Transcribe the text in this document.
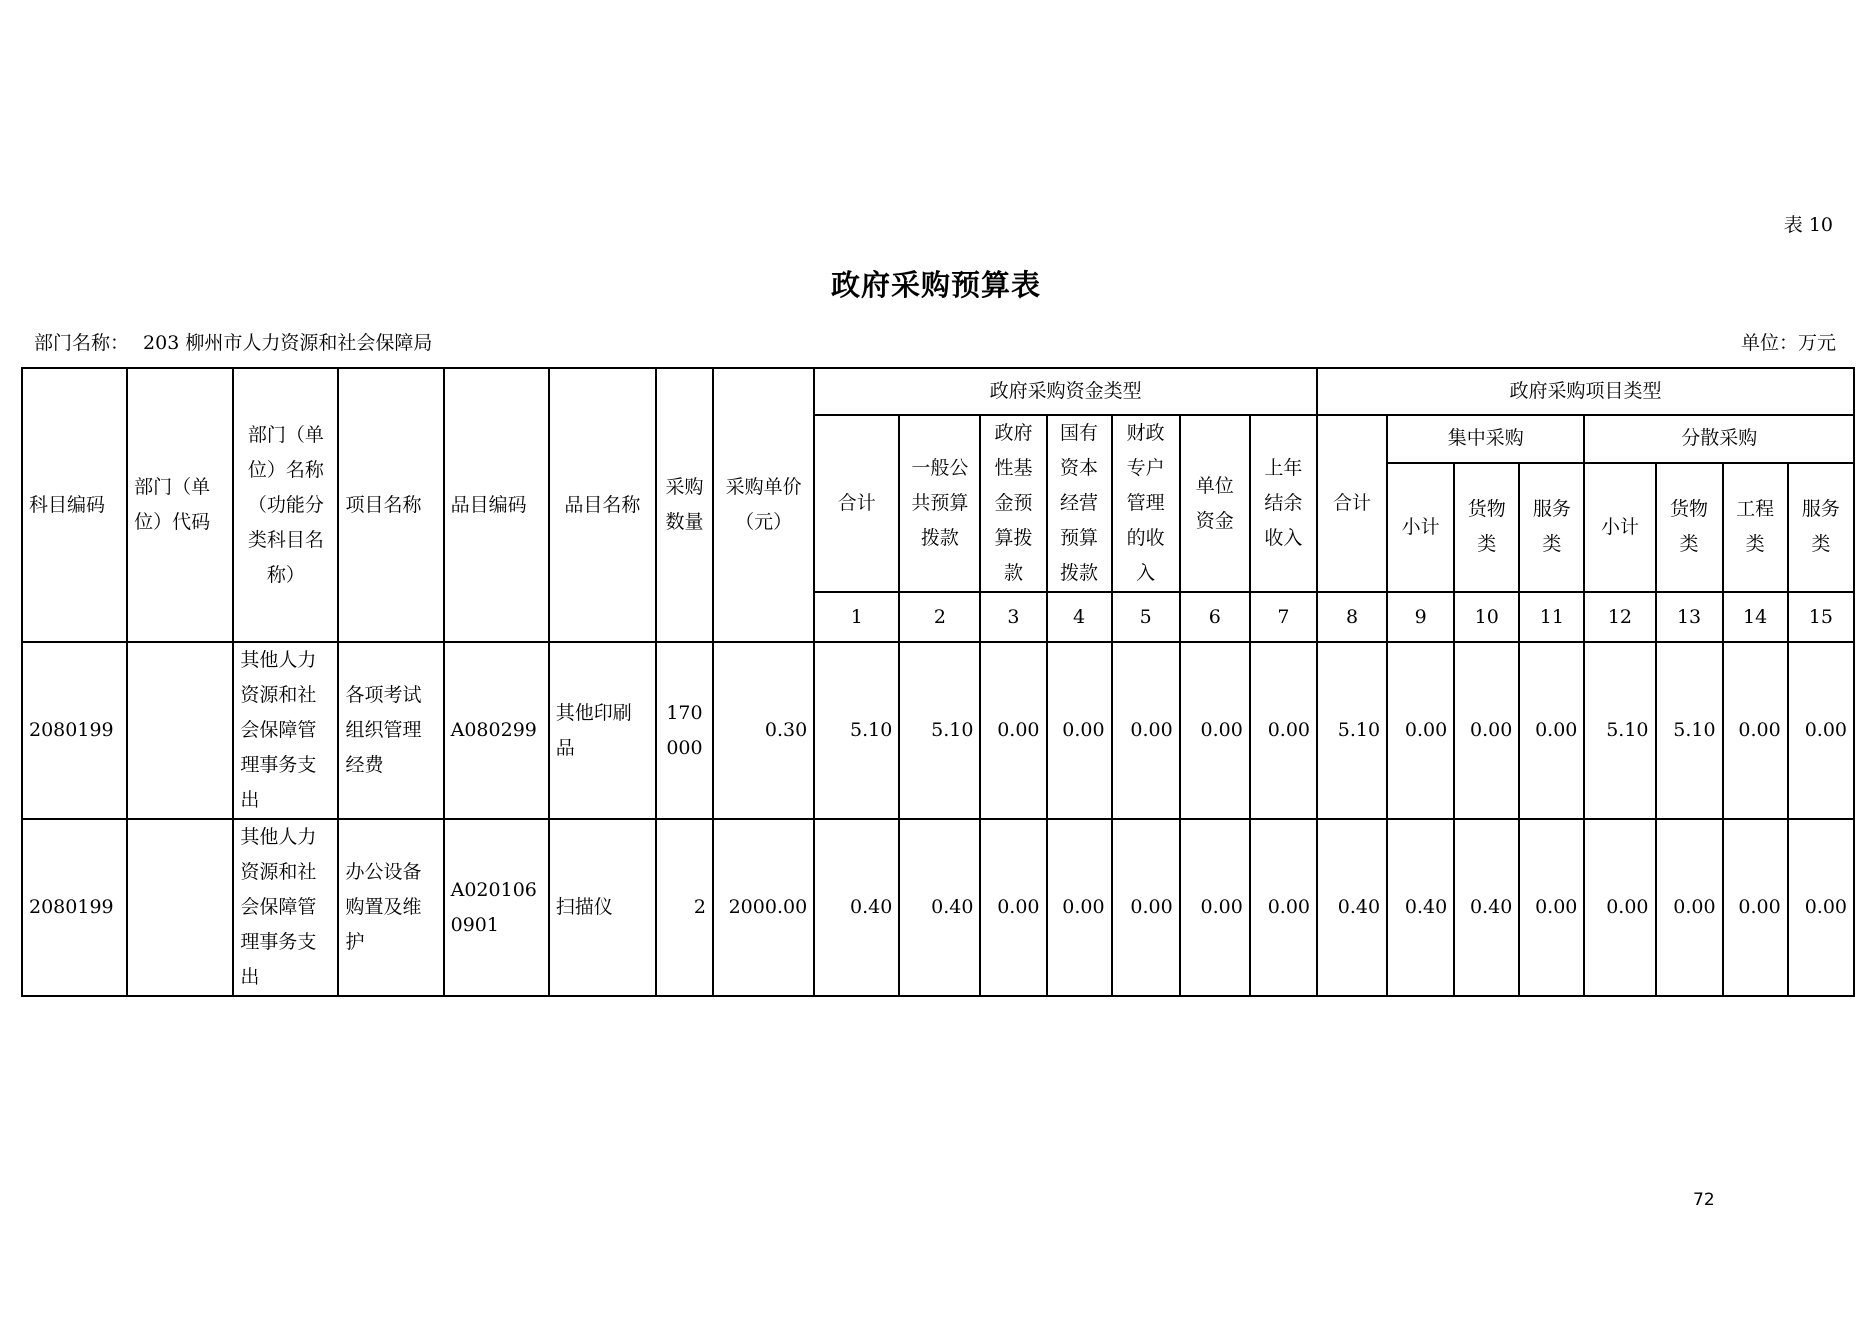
表 10
政府采购预算表
部门名称： 203 柳州市人力资源和社会保障局	单位：万元
科目编码	部门（单位）代码	部门（单位）名称（功能分类科目名称）	项目名称	品目编码	品目名称	采购数量	采购单价（元）	政府采购资金类型							政府采购项目类型							
								合计	一般公共预算拨款	政府性基金预算拨款	国有资本经营预算拨款	财政专户管理的收入	单位资金	上年结余收入	合计	集中采购			分散采购			
																小计	货物类	服务类	小计	货物类	工程类	服务类
								1	2	3	4	5	6	7	8	9	10	11	12	13	14	15
2080199		其他人力资源和社会保障管理事务支出	各项考试组织管理经费	A080299	其他印刷品	170000	0.30	5.10	5.10	0.00	0.00	0.00	0.00	0.00	5.10	0.00	0.00	0.00	5.10	5.10	0.00	0.00
2080199		其他人力资源和社会保障管理事务支出	办公设备购置及维护	A0201060901	扫描仪	2	2000.00	0.40	0.40	0.00	0.00	0.00	0.00	0.00	0.40	0.40	0.40	0.00	0.00	0.00	0.00	0.00
72
